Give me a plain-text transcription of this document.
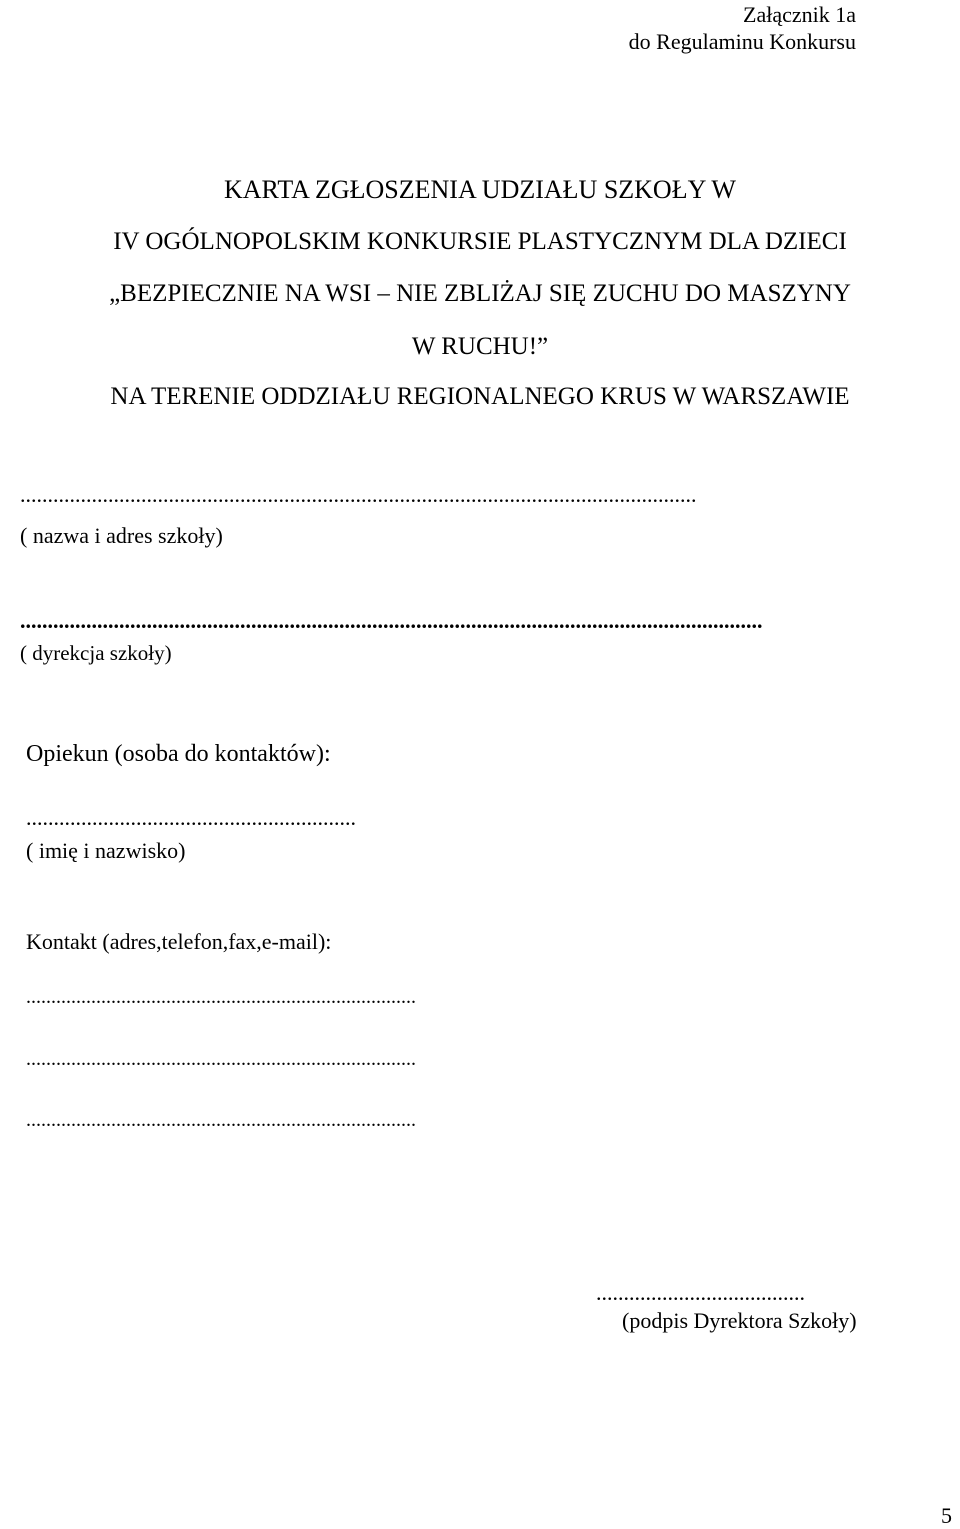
Załącznik 1a
do Regulaminu Konkursu
KARTA ZGŁOSZENIA UDZIAŁU SZKOŁY W
IV OGÓLNOPOLSKIM KONKURSIE PLASTYCZNYM DLA DZIECI
„BEZPIECZNIE NA WSI – NIE ZBLIŻAJ SIĘ ZUCHU DO MASZYNY
W RUCHU!”
NA TERENIE ODDZIAŁU REGIONALNEGO KRUS W WARSZAWIE
...........................................................................................................................
( nazwa i adres szkoły)
.......................................................................................................................................
( dyrekcja szkoły)
Opiekun (osoba do kontaktów):
............................................................
( imię i nazwisko)
Kontakt (adres,telefon,fax,e-mail):
..............................................................................
..............................................................................
..............................................................................
......................................
(podpis Dyrektora Szkoły)
5
